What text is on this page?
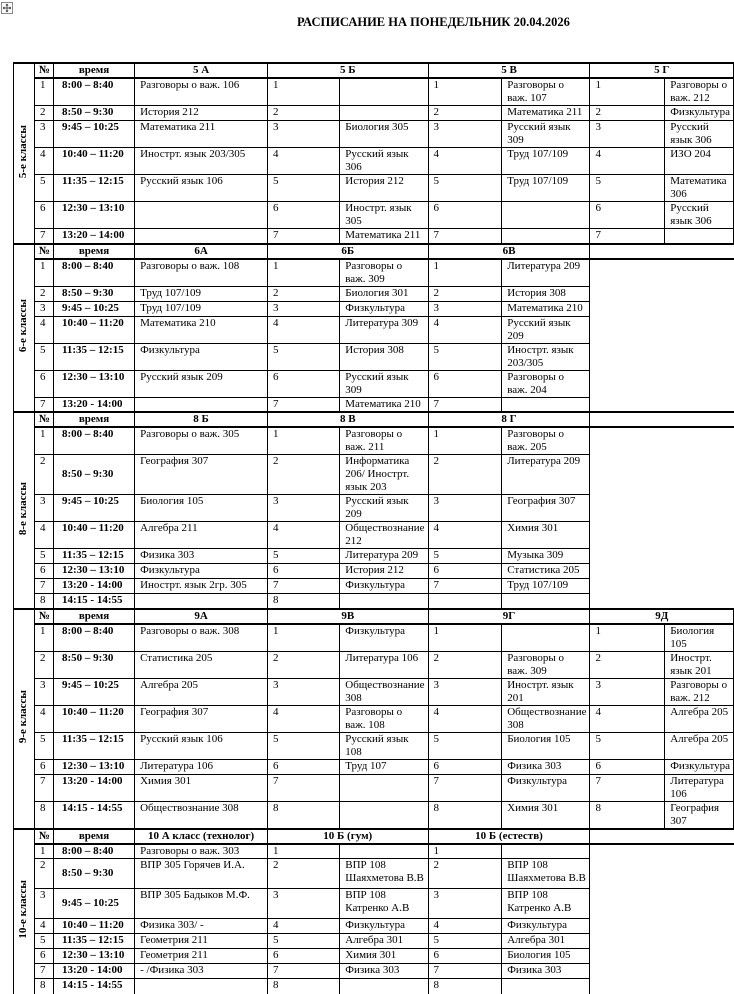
РАСПИСАНИЕ НА ПОНЕДЕЛЬНИК 20.04.2026
5-е классы	№	время	5 А	5 Б		5 В		5 Г	
	1	8:00 – 8:40	Разговоры о важ. 106	1		1	Разговоры о важ. 107	1	Разговоры о важ. 212
	2	8:50 – 9:30	История 212	2		2	Математика 211	2	Физкультура
	3	9:45 – 10:25	Математика 211	3	Биология 305	3	Русский язык 309	3	Русский язык 306
	4	10:40 – 11:20	Инострт. язык 203/305	4	Русский язык 306	4	Труд 107/109	4	ИЗО 204
	5	11:35 – 12:15	Русский язык 106	5	История 212	5	Труд 107/109	5	Математика 306
	6	12:30 – 13:10		6	Инострт. язык 305	6		6	Русский язык 306
	7	13:20 – 14:00		7	Математика 211	7		7	
6-е классы	№	время	6А	6Б		6В			
	1	8:00 – 8:40	Разговоры о важ. 108	1	Разговоры о важ. 309	1	Литература 209		
	2	8:50 – 9:30	Труд 107/109	2	Биология 301	2	История 308		
	3	9:45 – 10:25	Труд 107/109	3	Физкультура	3	Математика 210		
	4	10:40 – 11:20	Математика 210	4	Литература 309	4	Русский язык 209		
	5	11:35 – 12:15	Физкультура	5	История 308	5	Инострт. язык 203/305		
	6	12:30 – 13:10	Русский язык 209	6	Русский язык 309	6	Разговоры о важ. 204		
	7	13:20 - 14:00		7	Математика 210	7			
8-е классы	№	время	8 Б	8 В		8 Г			
	1	8:00 – 8:40	Разговоры о важ. 305	1	Разговоры о важ. 211	1	Разговоры о важ. 205		
	2	8:50 – 9:30	География 307	2	Информатика 206/ Инострт. язык 203	2	Литература 209		
	3	9:45 – 10:25	Биология 105	3	Русский язык 209	3	География 307		
	4	10:40 – 11:20	Алгебра 211	4	Обществознание 212	4	Химия 301		
	5	11:35 – 12:15	Физика 303	5	Литература 209	5	Музыка 309		
	6	12:30 – 13:10	Физкультура	6	История 212	6	Статистика 205		
	7	13:20 - 14:00	Инострт. язык 2гр. 305	7	Физкультура	7	Труд 107/109		
	8	14:15 - 14:55		8					
9-е классы	№	время	9А	9В		9Г		9Д	
	1	8:00 – 8:40	Разговоры о важ. 308	1	Физкультура	1		1	Биология 105
	2	8:50 – 9:30	Статистика 205	2	Литература 106	2	Разговоры о важ. 309	2	Инострт. язык 201
	3	9:45 – 10:25	Алгебра 205	3	Обществознание 308	3	Инострт. язык 201	3	Разговоры о важ. 212
	4	10:40 – 11:20	География 307	4	Разговоры о важ. 108	4	Обществознание 308	4	Алгебра 205
	5	11:35 – 12:15	Русский язык 106	5	Русский язык 108	5	Биология 105	5	Алгебра 205
	6	12:30 – 13:10	Литература 106	6	Труд 107	6	Физика 303	6	Физкультура
	7	13:20 - 14:00	Химия 301	7		7	Физкультура	7	Литература 106
	8	14:15 - 14:55	Обществознание 308	8		8	Химия 301	8	География 307
10-е классы	№	время	10 А класс (технолог)	10 Б (гум)		10 Б (естеств)			
	1	8:00 – 8:40	Разговоры о важ. 303	1		1			
	2	8:50 – 9:30	ВПР 305 Горячев И.А.	2	ВПР 108 Шаяхметова В.В	2	ВПР 108 Шаяхметова В.В		
	3	9:45 – 10:25	ВПР 305 Бадыков М.Ф.	3	ВПР 108 Катренко А.В	3	ВПР 108 Катренко А.В		
	4	10:40 – 11:20	Физика 303/ -	4	Физкультура	4	Физкультура		
	5	11:35 – 12:15	Геометрия 211	5	Алгебра 301	5	Алгебра 301		
	6	12:30 – 13:10	Геометрия 211	6	Химия 301	6	Биология 105		
	7	13:20 - 14:00	- /Физика 303	7	Физика 303	7	Физика 303		
	8	14:15 - 14:55		8		8			
